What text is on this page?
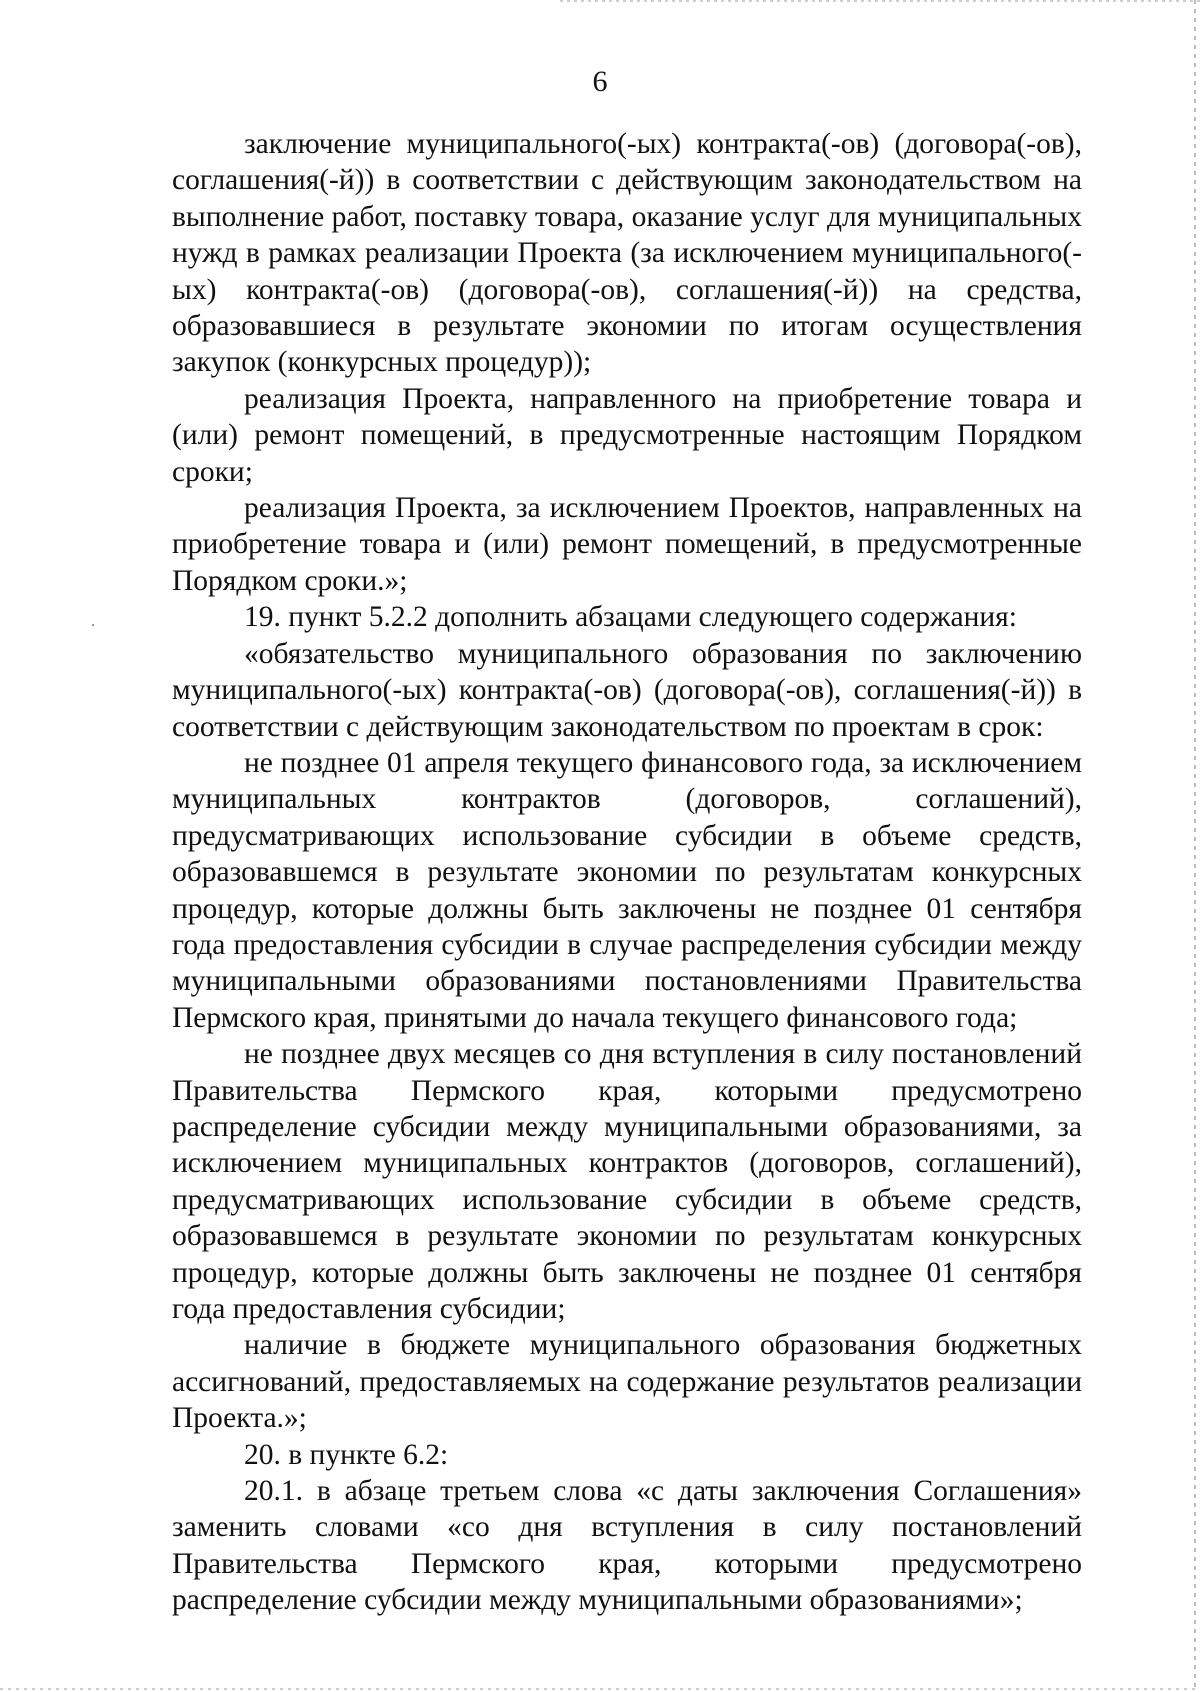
6

заключение муниципального(-ых) контракта(-ов) (договора(-ов), соглашения(-й)) в соответствии с действующим законодательством на выполнение работ, поставку товара, оказание услуг для муниципальных нужд в рамках реализации Проекта (за исключением муниципального(-ых) контракта(-ов) (договора(-ов), соглашения(-й)) на средства, образовавшиеся в результате экономии по итогам осуществления закупок (конкурсных процедур));

реализация Проекта, направленного на приобретение товара и (или) ремонт помещений, в предусмотренные настоящим Порядком сроки;

реализация Проекта, за исключением Проектов, направленных на приобретение товара и (или) ремонт помещений, в предусмотренные Порядком сроки.»;

19. пункт 5.2.2 дополнить абзацами следующего содержания:

«обязательство муниципального образования по заключению муниципального(-ых) контракта(-ов) (договора(-ов), соглашения(-й)) в соответствии с действующим законодательством по проектам в срок:

не позднее 01 апреля текущего финансового года, за исключением муниципальных контрактов (договоров, соглашений), предусматривающих использование субсидии в объеме средств, образовавшемся в результате экономии по результатам конкурсных процедур, которые должны быть заключены не позднее 01 сентября года предоставления субсидии в случае распределения субсидии между муниципальными образованиями постановлениями Правительства Пермского края, принятыми до начала текущего финансового года;

не позднее двух месяцев со дня вступления в силу постановлений Правительства Пермского края, которыми предусмотрено распределение субсидии между муниципальными образованиями, за исключением муниципальных контрактов (договоров, соглашений), предусматривающих использование субсидии в объеме средств, образовавшемся в результате экономии по результатам конкурсных процедур, которые должны быть заключены не позднее 01 сентября года предоставления субсидии;

наличие в бюджете муниципального образования бюджетных ассигнований, предоставляемых на содержание результатов реализации Проекта.»;

20. в пункте 6.2:

20.1. в абзаце третьем слова «с даты заключения Соглашения» заменить словами «со дня вступления в силу постановлений Правительства Пермского края, которыми предусмотрено распределение субсидии между муниципальными образованиями»;
